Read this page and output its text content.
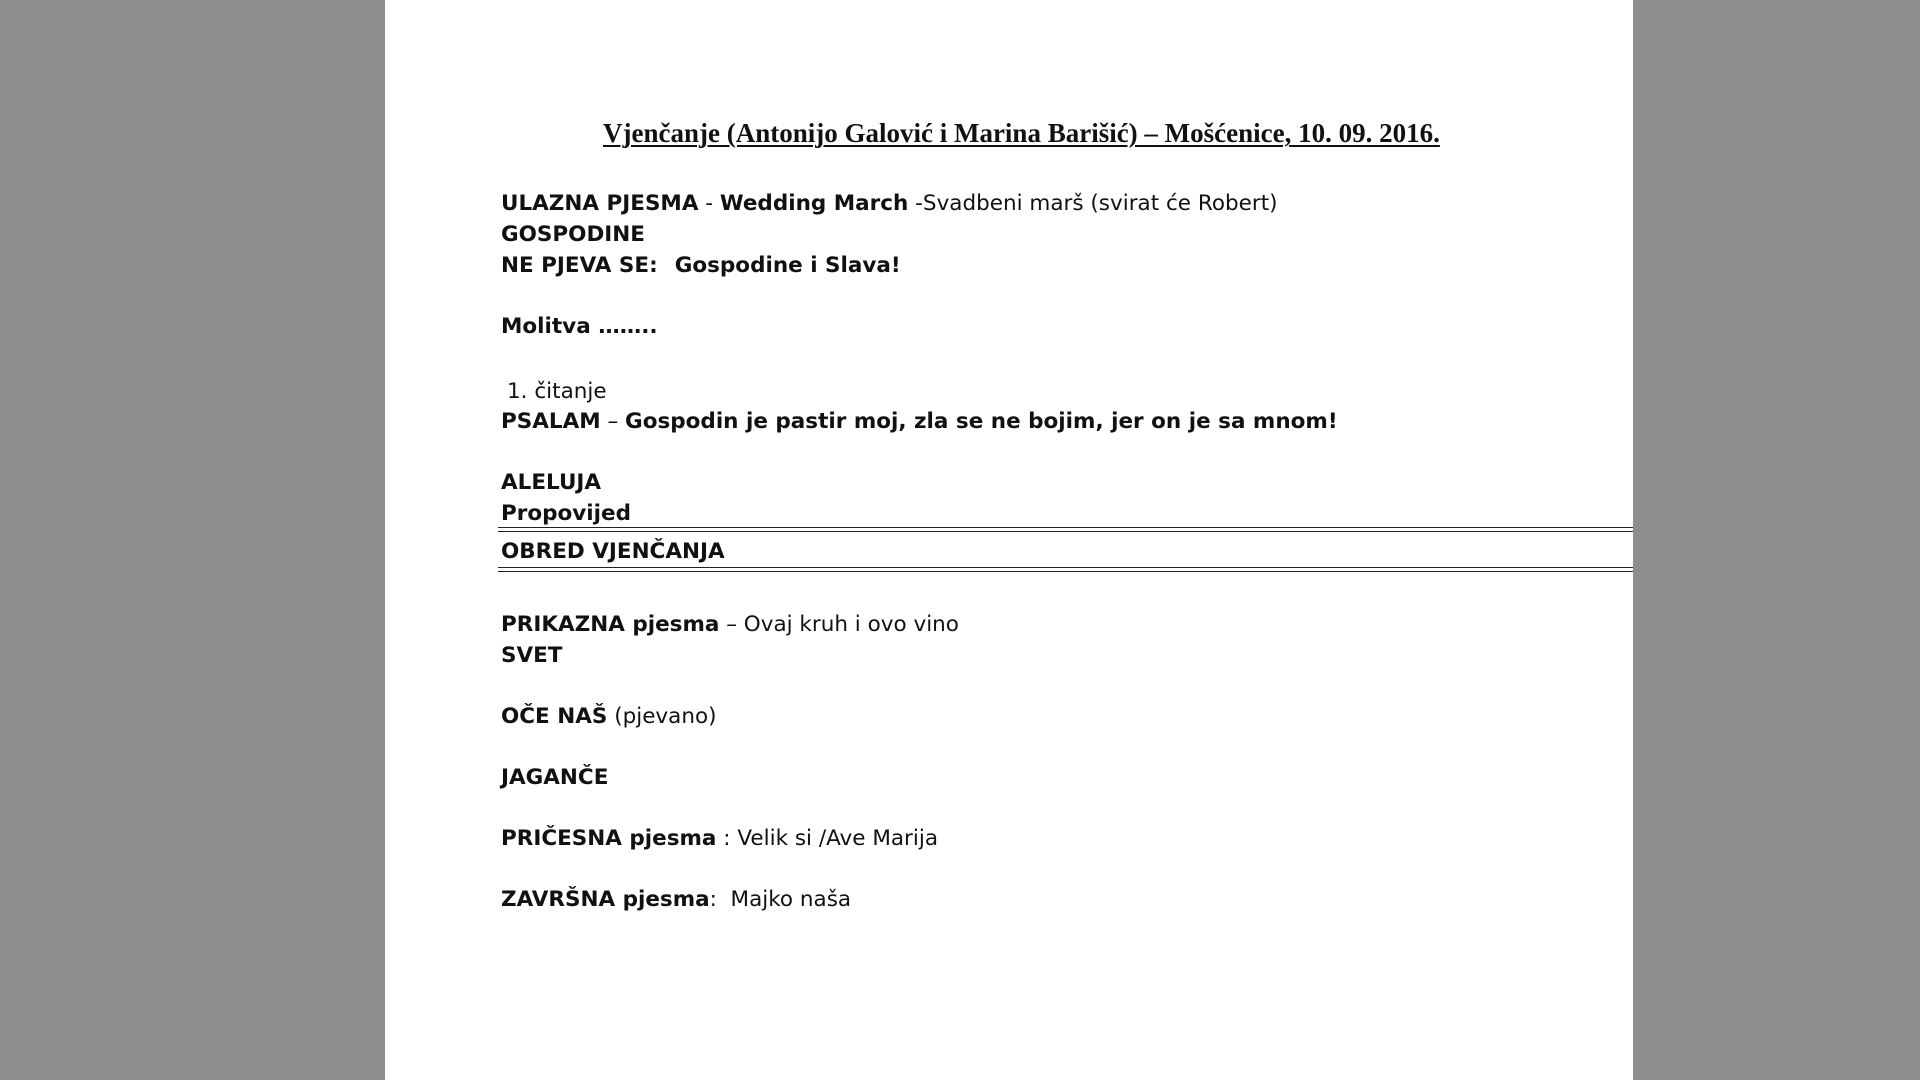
Vjenčanje (Antonijo Galović i Marina Barišić) – Mošćenice, 10. 09. 2016.
ULAZNA PJESMA - Wedding March -Svadbeni marš (svirat će Robert)
GOSPODINE
NE PJEVA SE: Gospodine i Slava!
Molitva ……..
1. čitanje
PSALAM – Gospodin je pastir moj, zla se ne bojim, jer on je sa mnom!
ALELUJA
Propovijed
OBRED VJENČANJA
PRIKAZNA pjesma – Ovaj kruh i ovo vino
SVET
OČE NAŠ (pjevano)
JAGANČE
PRIČESNA pjesma : Velik si /Ave Marija
ZAVRŠNA pjesma:  Majko naša
